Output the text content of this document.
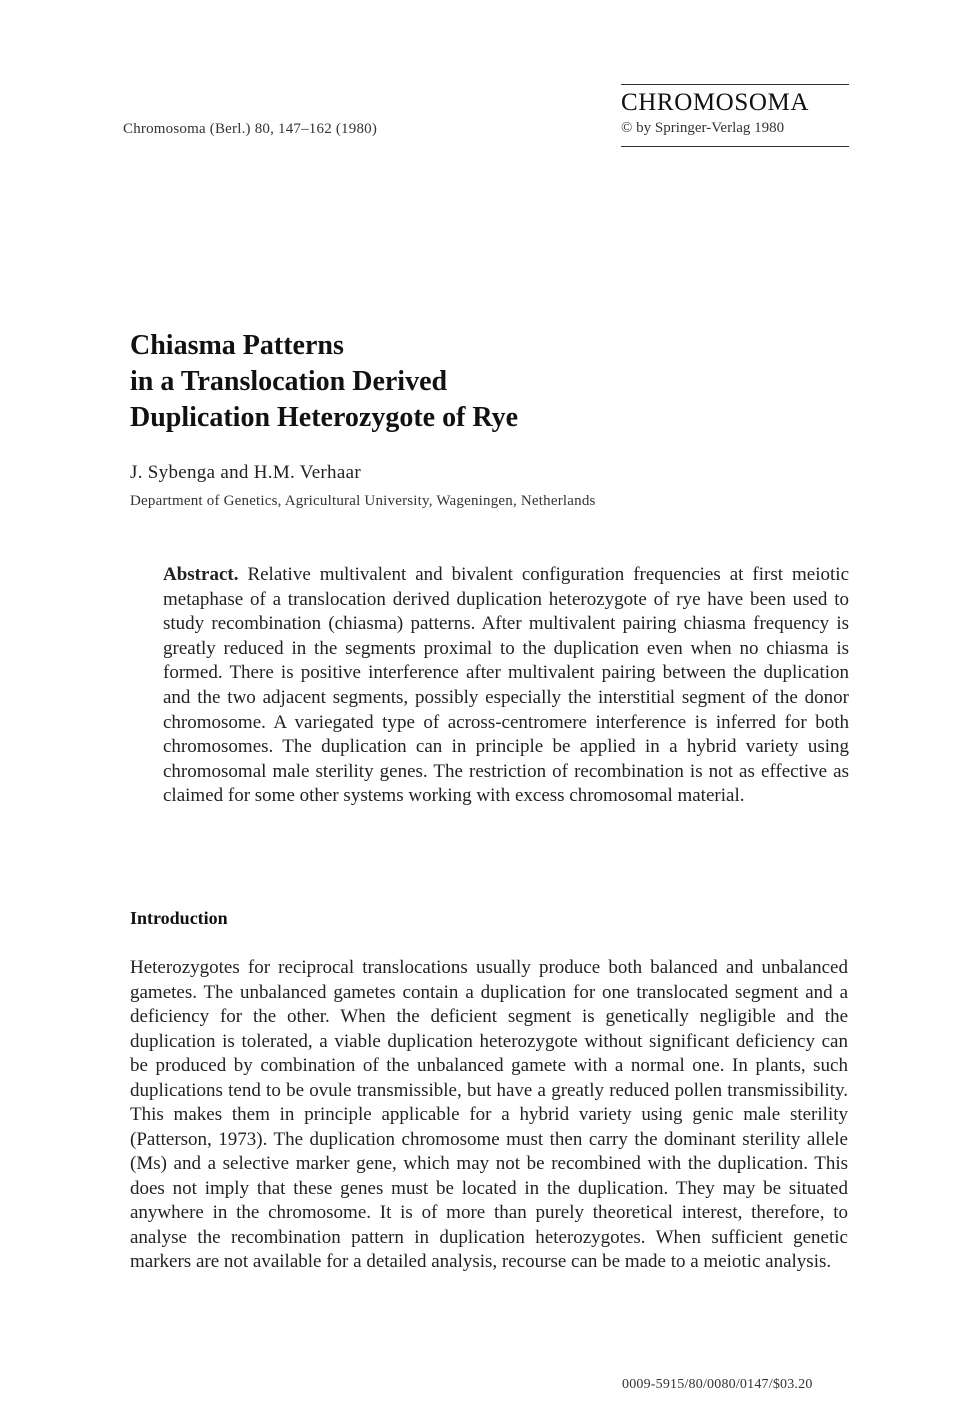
Chromosoma (Berl.) 80, 147–162 (1980)
CHROMOSOMA
© by Springer-Verlag 1980
Chiasma Patterns
in a Translocation Derived
Duplication Heterozygote of Rye
J. Sybenga and H.M. Verhaar
Department of Genetics, Agricultural University, Wageningen, Netherlands
Abstract. Relative multivalent and bivalent configuration frequencies at first meiotic metaphase of a translocation derived duplication heterozygote of rye have been used to study recombination (chiasma) patterns. After multivalent pairing chiasma frequency is greatly reduced in the segments proximal to the duplication even when no chiasma is formed. There is positive interference after multivalent pairing between the duplication and the two adjacent segments, possibly especially the interstitial segment of the donor chromosome. A variegated type of across-centromere interference is inferred for both chromosomes. The duplication can in principle be applied in a hybrid variety using chromosomal male sterility genes. The restriction of recombination is not as effective as claimed for some other systems working with excess chromosomal material.
Introduction
Heterozygotes for reciprocal translocations usually produce both balanced and unbalanced gametes. The unbalanced gametes contain a duplication for one translocated segment and a deficiency for the other. When the deficient segment is genetically negligible and the duplication is tolerated, a viable duplication heterozygote without significant deficiency can be produced by combination of the unbalanced gamete with a normal one. In plants, such duplications tend to be ovule transmissible, but have a greatly reduced pollen transmissibility. This makes them in principle applicable for a hybrid variety using genic male sterility (Patterson, 1973). The duplication chromosome must then carry the dominant sterility allele (Ms) and a selective marker gene, which may not be recombined with the duplication. This does not imply that these genes must be located in the duplication. They may be situated anywhere in the chromosome. It is of more than purely theoretical interest, therefore, to analyse the recombination pattern in duplication heterozygotes. When sufficient genetic markers are not available for a detailed analysis, recourse can be made to a meiotic analysis.
0009-5915/80/0080/0147/$03.20
